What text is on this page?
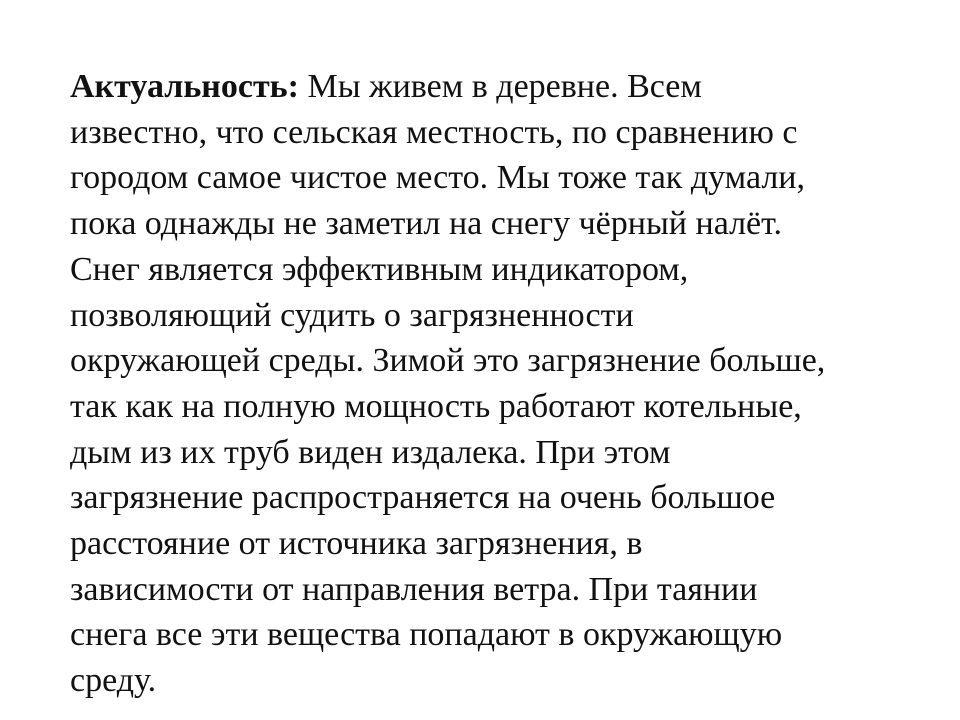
Актуальность: Мы живем в деревне. Всем
известно, что сельская местность, по сравнению с
городом самое чистое место. Мы тоже так думали,
пока однажды не заметил на снегу чёрный налёт.
Снег является эффективным индикатором,
позволяющий судить о загрязненности
окружающей среды. Зимой это загрязнение больше,
так как на полную мощность работают котельные,
дым из их труб виден издалека. При этом
загрязнение распространяется на очень большое
расстояние от источника загрязнения, в
зависимости от направления ветра. При таянии
снега все эти вещества попадают в окружающую
среду.
